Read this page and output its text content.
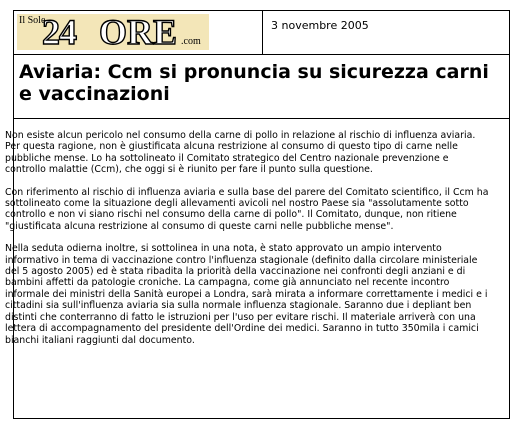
Il Sole
24 ORE .com
3 novembre 2005
Aviaria: Ccm si pronuncia su sicurezza carni e vaccinazioni

Non esiste alcun pericolo nel consumo della carne di pollo in relazione al rischio di influenza aviaria. Per questa ragione, non è giustificata alcuna restrizione al consumo di questo tipo di carne nelle pubbliche mense. Lo ha sottolineato il Comitato strategico del Centro nazionale prevenzione e controllo malattie (Ccm), che oggi si è riunito per fare il punto sulla questione.

Con riferimento al rischio di influenza aviaria e sulla base del parere del Comitato scientifico, il Ccm ha sottolineato come la situazione degli allevamenti avicoli nel nostro Paese sia "assolutamente sotto controllo e non vi siano rischi nel consumo della carne di pollo". Il Comitato, dunque, non ritiene "giustificata alcuna restrizione al consumo di queste carni nelle pubbliche mense".

Nella seduta odierna inoltre, si sottolinea in una nota, è stato approvato un ampio intervento informativo in tema di vaccinazione contro l'influenza stagionale (definito dalla circolare ministeriale del 5 agosto 2005) ed è stata ribadita la priorità della vaccinazione nei confronti degli anziani e di bambini affetti da patologie croniche. La campagna, come già annunciato nel recente incontro informale dei ministri della Sanità europei a Londra, sarà mirata a informare correttamente i medici e i cittadini sia sull'influenza aviaria sia sulla normale influenza stagionale. Saranno due i depliant ben distinti che conterranno di fatto le istruzioni per l'uso per evitare rischi. Il materiale arriverà con una lettera di accompagnamento del presidente dell'Ordine dei medici. Saranno in tutto 350mila i camici bianchi italiani raggiunti dal documento.
